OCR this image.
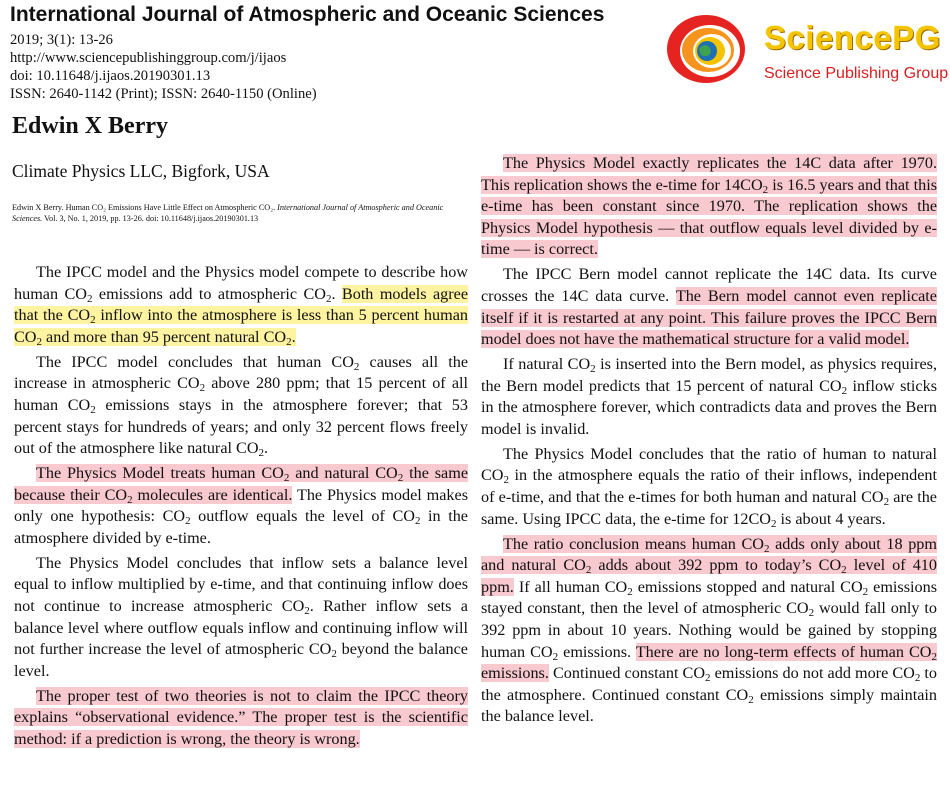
International Journal of Atmospheric and Oceanic Sciences
2019; 3(1): 13-26
http://www.sciencepublishinggroup.com/j/ijaos
doi: 10.11648/j.ijaos.20190301.13
ISSN: 2640-1142 (Print); ISSN: 2640-1150 (Online)
SciencePG
Science Publishing Group
Edwin X Berry
Climate Physics LLC, Bigfork, USA
Edwin X Berry. Human CO₂ Emissions Have Little Effect on Atmospheric CO₂. International Journal of Atmospheric and Oceanic Sciences. Vol. 3, No. 1, 2019, pp. 13-26. doi: 10.11648/j.ijaos.20190301.13

The IPCC model and the Physics model compete to describe how human $CO_2$ emissions add to atmospheric $CO_2$. Both models agree that the $CO_2$ inflow into the atmosphere is less than 5 percent human $CO_2$ and more than 95 percent natural $CO_2$.

The IPCC model concludes that human $CO_2$ causes all the increase in atmospheric $CO_2$ above 280 ppm; that 15 percent of all human $CO_2$ emissions stays in the atmosphere forever; that 53 percent stays for hundreds of years; and only 32 percent flows freely out of the atmosphere like natural $CO_2$.

The Physics Model treats human $CO_2$ and natural $CO_2$ the same because their $CO_2$ molecules are identical. The Physics model makes only one hypothesis: $CO_2$ outflow equals the level of $CO_2$ in the atmosphere divided by e-time.

The Physics Model concludes that inflow sets a balance level equal to inflow multiplied by e-time, and that continuing inflow does not continue to increase atmospheric $CO_2$. Rather inflow sets a balance level where outflow equals inflow and continuing inflow will not further increase the level of atmospheric $CO_2$ beyond the balance level.

The proper test of two theories is not to claim the IPCC theory explains “observational evidence.” The proper test is the scientific method: if a prediction is wrong, the theory is wrong.

The Physics Model exactly replicates the 14C data after 1970. This replication shows the e-time for $14CO_2$ is 16.5 years and that this e-time has been constant since 1970. The replication shows the Physics Model hypothesis — that outflow equals level divided by e-time — is correct.

The IPCC Bern model cannot replicate the 14C data. Its curve crosses the 14C data curve. The Bern model cannot even replicate itself if it is restarted at any point. This failure proves the IPCC Bern model does not have the mathematical structure for a valid model.

If natural $CO_2$ is inserted into the Bern model, as physics requires, the Bern model predicts that 15 percent of natural $CO_2$ inflow sticks in the atmosphere forever, which contradicts data and proves the Bern model is invalid.

The Physics Model concludes that the ratio of human to natural $CO_2$ in the atmosphere equals the ratio of their inflows, independent of e-time, and that the e-times for both human and natural $CO_2$ are the same. Using IPCC data, the e-time for $12CO_2$ is about 4 years.

The ratio conclusion means human $CO_2$ adds only about 18 ppm and natural $CO_2$ adds about 392 ppm to today’s $CO_2$ level of 410 ppm. If all human $CO_2$ emissions stopped and natural $CO_2$ emissions stayed constant, then the level of atmospheric $CO_2$ would fall only to 392 ppm in about 10 years. Nothing would be gained by stopping human $CO_2$ emissions. There are no long-term effects of human $CO_2$ emissions. Continued constant $CO_2$ emissions do not add more $CO_2$ to the atmosphere. Continued constant $CO_2$ emissions simply maintain the balance level.
